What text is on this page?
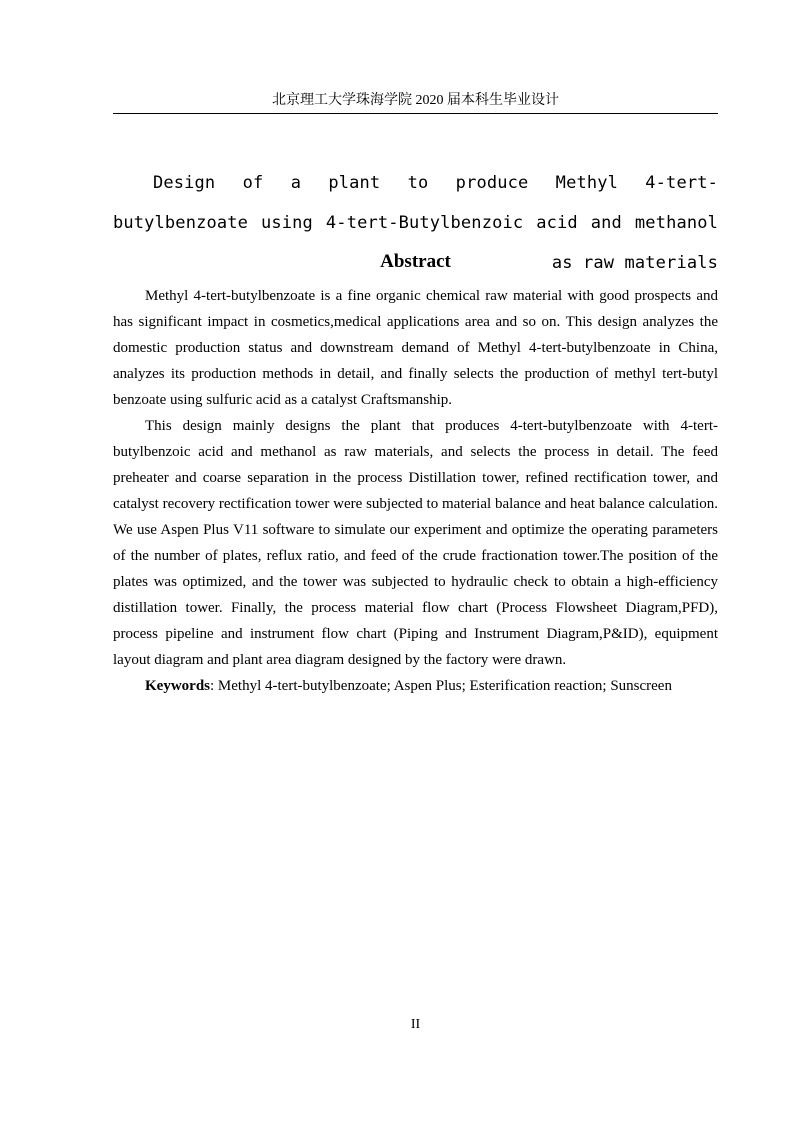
北京理工大学珠海学院 2020 届本科生毕业设计
Design of a plant to produce Methyl 4-tert-butylbenzoate using 4-tert-Butylbenzoic acid and methanol as raw materials
Abstract

Methyl 4-tert-butylbenzoate is a fine organic chemical raw material with good prospects and has significant impact in cosmetics,medical applications area and so on. This design analyzes the domestic production status and downstream demand of Methyl 4-tert-butylbenzoate in China, analyzes its production methods in detail, and finally selects the production of methyl tert-butyl benzoate using sulfuric acid as a catalyst Craftsmanship.

This design mainly designs the plant that produces 4-tert-butylbenzoate with 4-tert-butylbenzoic acid and methanol as raw materials, and selects the process in detail. The feed preheater and coarse separation in the process Distillation tower, refined rectification tower, and catalyst recovery rectification tower were subjected to material balance and heat balance calculation. We use Aspen Plus V11 software to simulate our experiment and optimize the operating parameters of the number of plates, reflux ratio, and feed of the crude fractionation tower.The position of the plates was optimized, and the tower was subjected to hydraulic check to obtain a high-efficiency distillation tower. Finally, the process material flow chart (Process Flowsheet Diagram,PFD), process pipeline and instrument flow chart (Piping and Instrument Diagram,P&ID), equipment layout diagram and plant area diagram designed by the factory were drawn.

Keywords: Methyl 4-tert-butylbenzoate; Aspen Plus; Esterification reaction; Sunscreen

II
